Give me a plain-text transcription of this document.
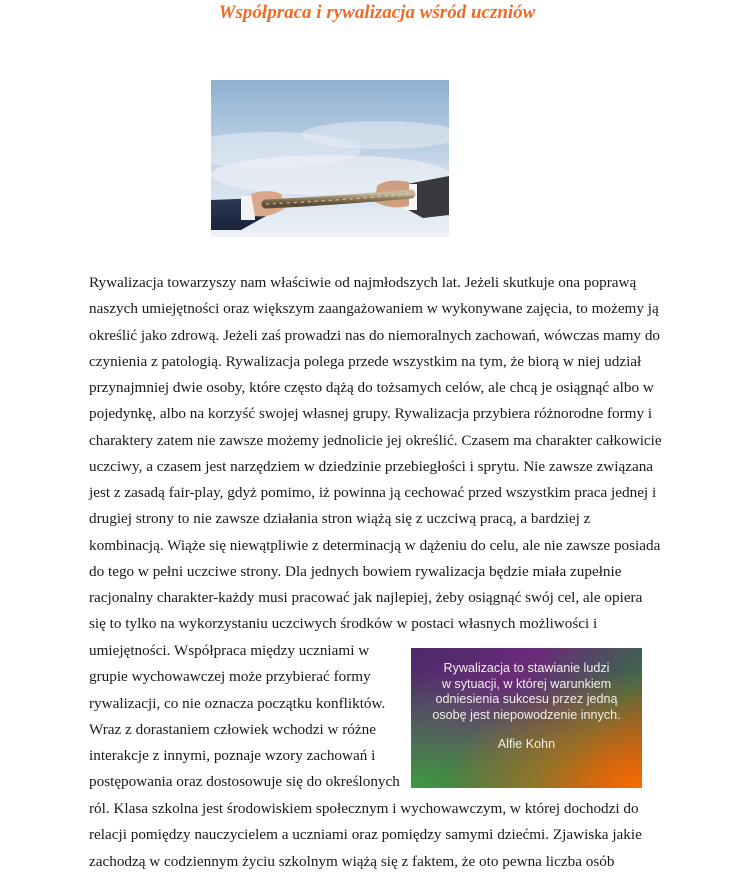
Współpraca i rywalizacja wśród uczniów
Rywalizacja towarzyszy nam właściwie od najmłodszych lat. Jeżeli skutkuje ona poprawą
naszych umiejętności oraz większym zaangażowaniem w wykonywane zajęcia, to możemy ją
określić jako zdrową. Jeżeli zaś prowadzi nas do niemoralnych zachowań, wówczas mamy do
czynienia z patologią. Rywalizacja polega przede wszystkim na tym, że biorą w niej udział
przynajmniej dwie osoby, które często dążą do tożsamych celów, ale chcą je osiągnąć albo w
pojedynkę, albo na korzyść swojej własnej grupy. Rywalizacja przybiera różnorodne formy i
charaktery zatem nie zawsze możemy jednolicie jej określić. Czasem ma charakter całkowicie
uczciwy, a czasem jest narzędziem w dziedzinie przebiegłości i sprytu. Nie zawsze związana
jest z zasadą fair-play, gdyż pomimo, iż powinna ją cechować przed wszystkim praca jednej i
drugiej strony to nie zawsze działania stron wiążą się z uczciwą pracą, a bardziej z
kombinacją. Wiąże się niewątpliwie z determinacją w dążeniu do celu, ale nie zawsze posiada
do tego w pełni uczciwe strony. Dla jednych bowiem rywalizacja będzie miała zupełnie
racjonalny charakter-każdy musi pracować jak najlepiej, żeby osiągnąć swój cel, ale opiera
się to tylko na wykorzystaniu uczciwych środków w postaci własnych możliwości i
umiejętności. Współpraca między uczniami w
grupie wychowawczej może przybierać formy
rywalizacji, co nie oznacza początku konfliktów.
Wraz z dorastaniem człowiek wchodzi w różne
interakcje z innymi, poznaje wzory zachowań i
postępowania oraz dostosowuje się do określonych
Rywalizacja to stawianie ludzi
w sytuacji, w której warunkiem
odniesienia sukcesu przez jedną
osobę jest niepowodzenie innych.
Alfie Kohn
ról. Klasa szkolna jest środowiskiem społecznym i wychowawczym, w której dochodzi do
relacji pomiędzy nauczycielem a uczniami oraz pomiędzy samymi dziećmi. Zjawiska jakie
zachodzą w codziennym życiu szkolnym wiążą się z faktem, że oto pewna liczba osób
